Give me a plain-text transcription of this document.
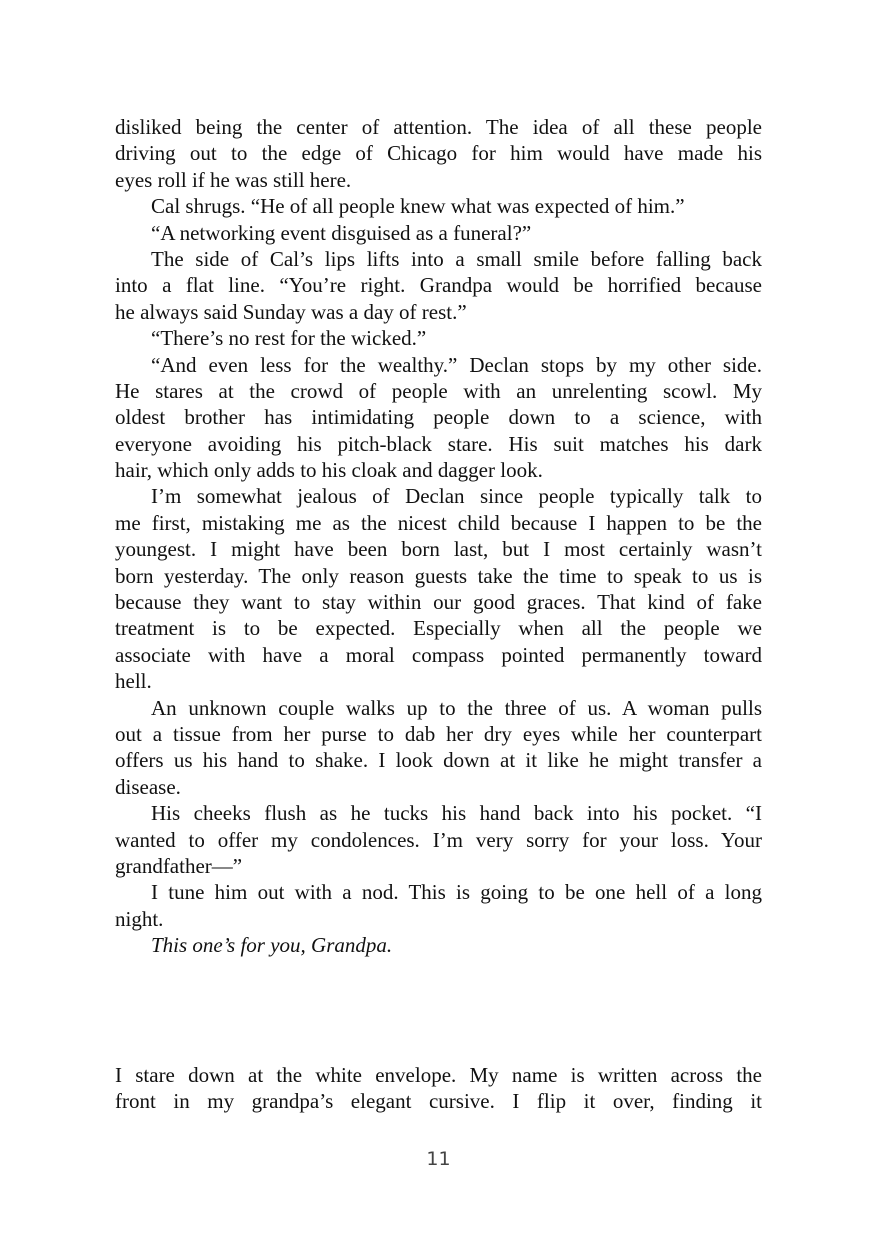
disliked being the center of attention. The idea of all these people
driving out to the edge of Chicago for him would have made his
eyes roll if he was still here.
Cal shrugs. “He of all people knew what was expected of him.”
“A networking event disguised as a funeral?”
The side of Cal’s lips lifts into a small smile before falling back
into a flat line. “You’re right. Grandpa would be horrified because
he always said Sunday was a day of rest.”
“There’s no rest for the wicked.”
“And even less for the wealthy.” Declan stops by my other side.
He stares at the crowd of people with an unrelenting scowl. My
oldest brother has intimidating people down to a science, with
everyone avoiding his pitch-black stare. His suit matches his dark
hair, which only adds to his cloak and dagger look.
I’m somewhat jealous of Declan since people typically talk to
me first, mistaking me as the nicest child because I happen to be the
youngest. I might have been born last, but I most certainly wasn’t
born yesterday. The only reason guests take the time to speak to us is
because they want to stay within our good graces. That kind of fake
treatment is to be expected. Especially when all the people we
associate with have a moral compass pointed permanently toward
hell.
An unknown couple walks up to the three of us. A woman pulls
out a tissue from her purse to dab her dry eyes while her counterpart
offers us his hand to shake. I look down at it like he might transfer a
disease.
His cheeks flush as he tucks his hand back into his pocket. “I
wanted to offer my condolences. I’m very sorry for your loss. Your
grandfather—”
I tune him out with a nod. This is going to be one hell of a long
night.
This one’s for you, Grandpa.
I stare down at the white envelope. My name is written across the
front in my grandpa’s elegant cursive. I flip it over, finding it
11
